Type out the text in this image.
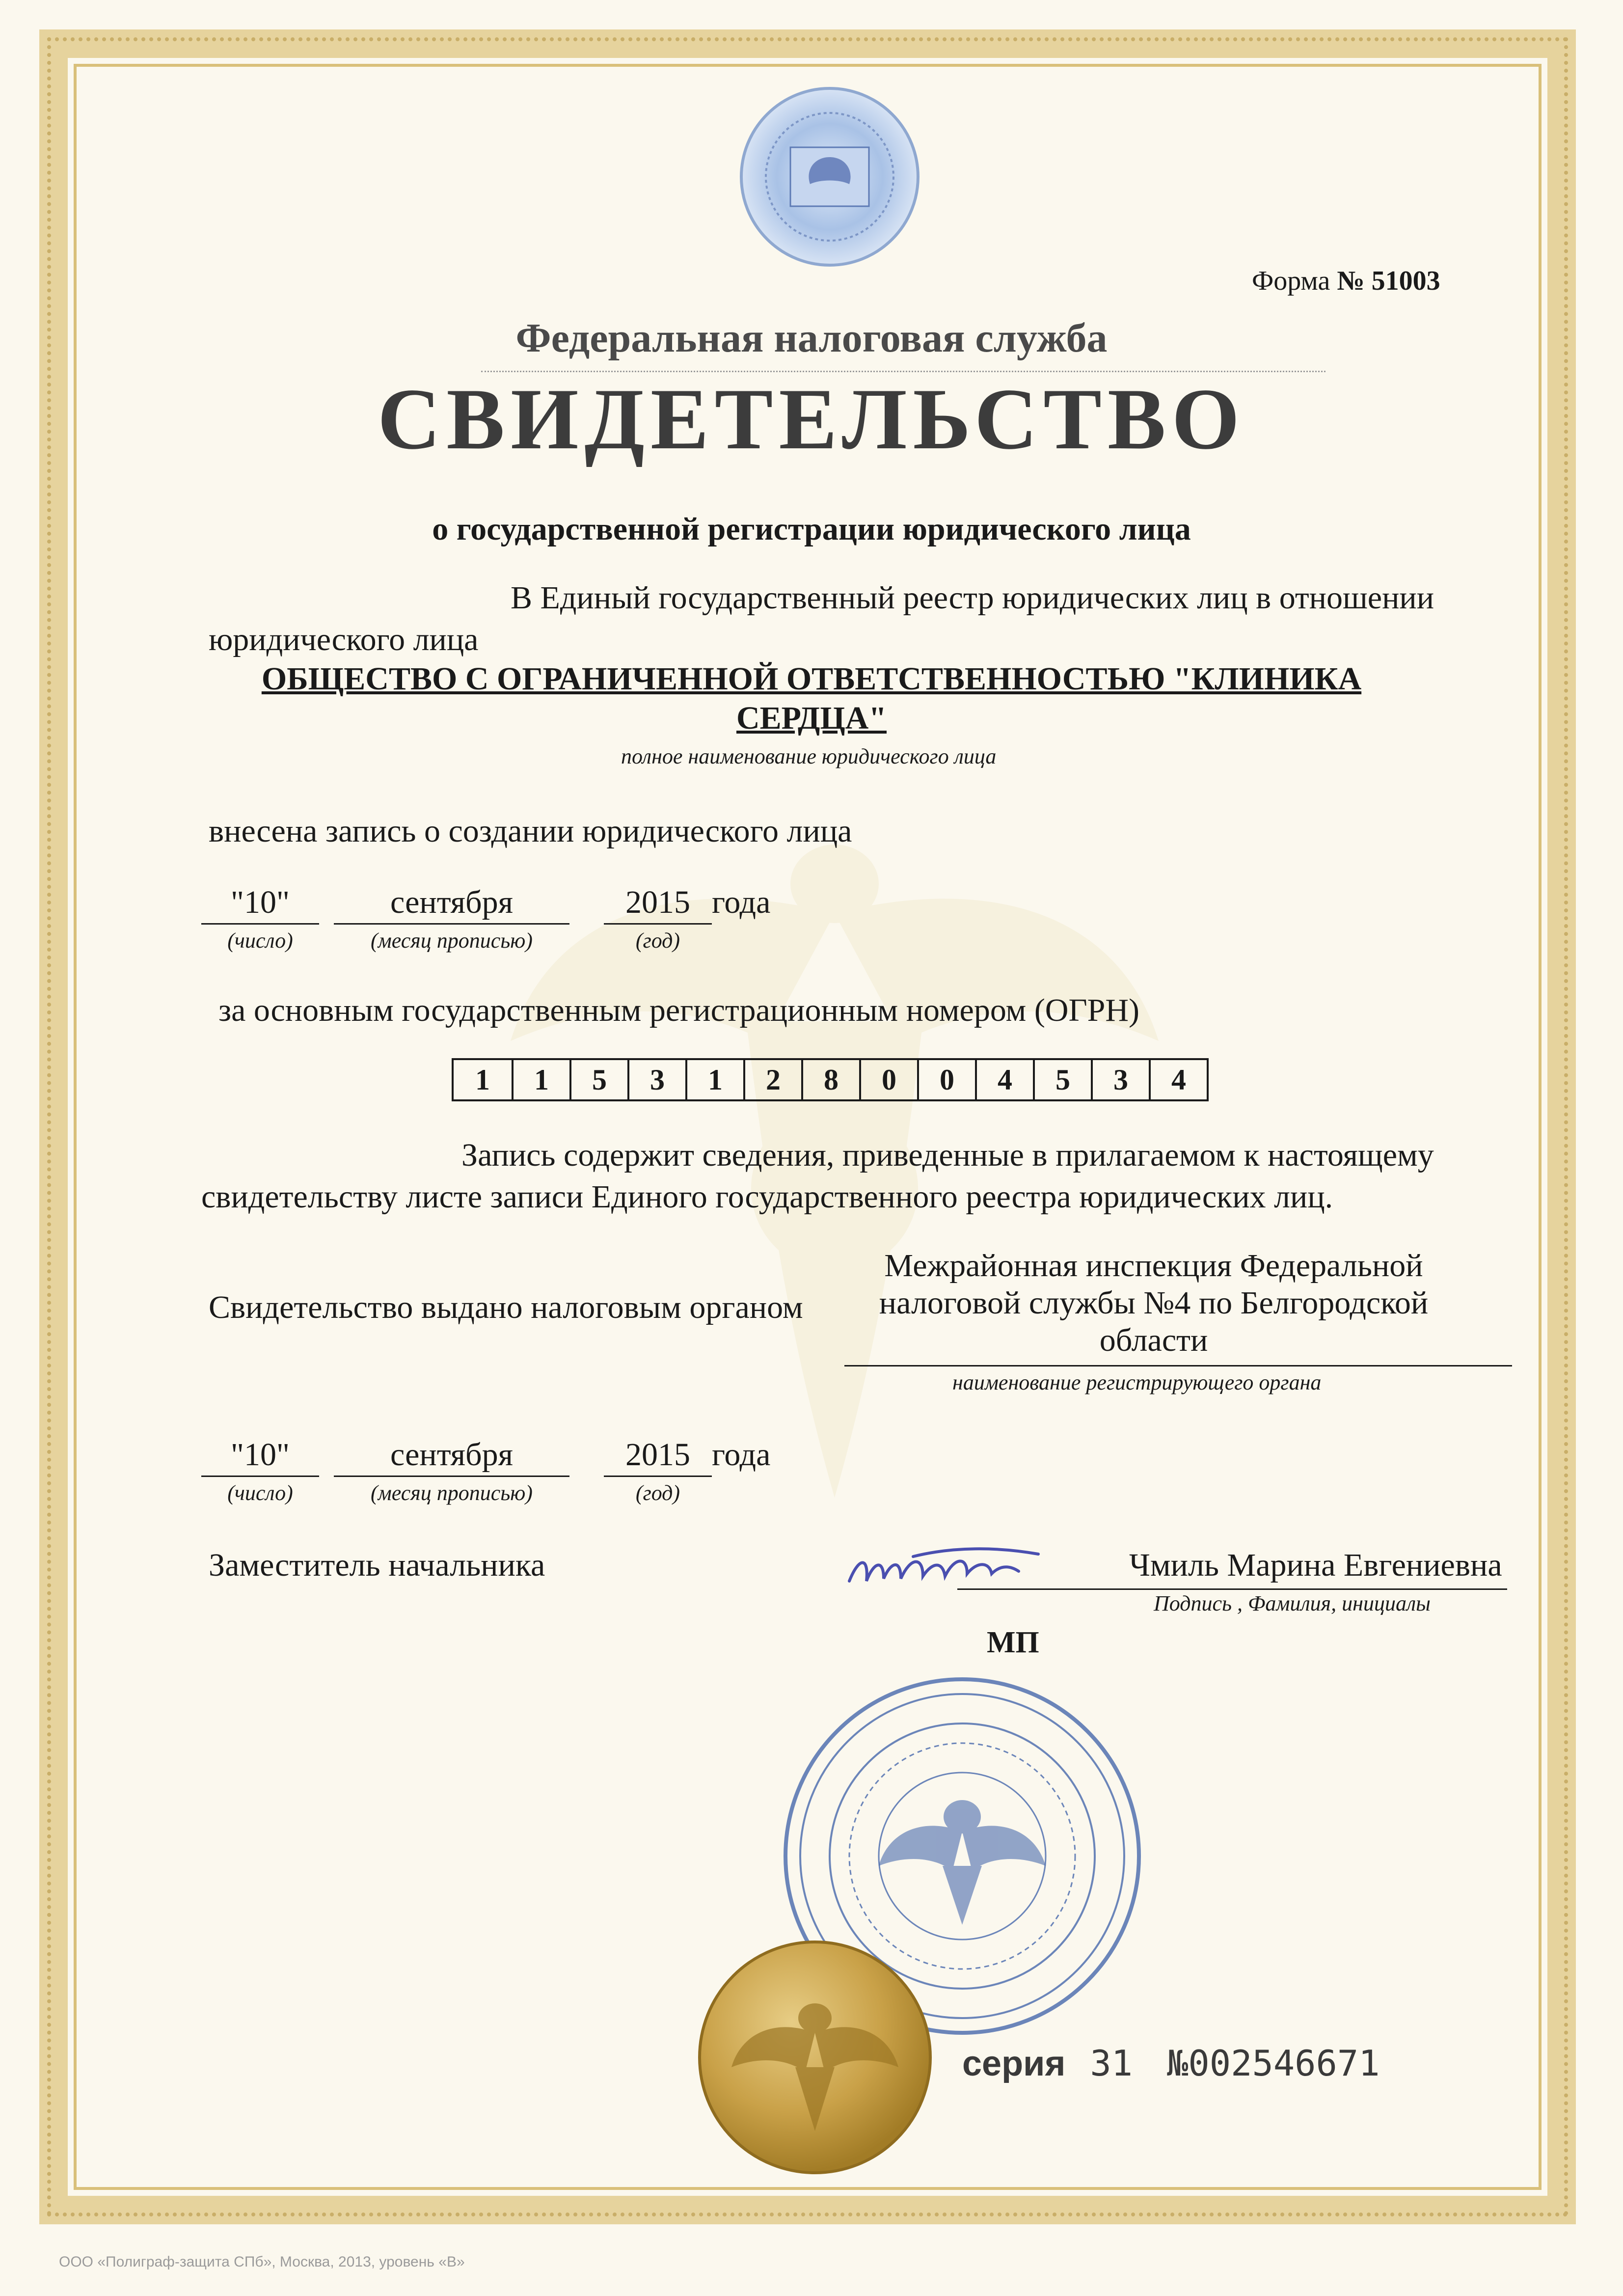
Форма № 51003
Федеральная налоговая служба
СВИДЕТЕЛЬСТВО
о государственной регистрации юридического лица
В Единый государственный реестр юридических лиц в отношении
юридического лица
ОБЩЕСТВО С ОГРАНИЧЕННОЙ ОТВЕТСТВЕННОСТЬЮ "КЛИНИКА
СЕРДЦА"
полное наименование юридического лица
внесена запись о создании юридического лица
"10"	сентября	2015 года
(число)	(месяц прописью)	(год)
за основным государственным регистрационным номером (ОГРН)
1	1	5	3	1	2	8	0	0	4	5	3	4
Запись содержит сведения, приведенные в прилагаемом к настоящему
свидетельству листе записи Единого государственного реестра юридических лиц.
Свидетельство выдано налоговым органом
Межрайонная инспекция Федеральной налоговой службы №4 по Белгородской области
наименование регистрирующего органа
"10"	сентября	2015 года
(число)	(месяц прописью)	(год)
Заместитель начальника	Чмиль Марина Евгениевна
Подпись , Фамилия, инициалы
МП
серия 31 №002546671
ООО «Полиграф-защита СПб», Москва, 2013, уровень «В»
